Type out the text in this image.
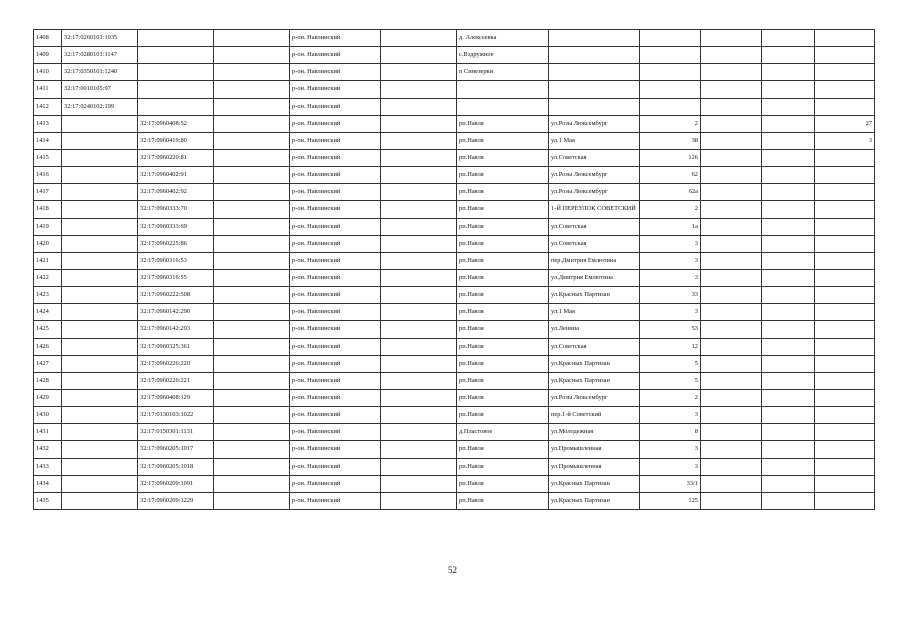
1408	32:17:0260101:1035			р-он. Навлинский		д. Алексеевка					
1409	32:17:0280101:1147			р-он. Навлинский		с.Вздружное					
1410	32:17:0350101:1240			р-он. Навлинский		п Синезерки					
1411	32:17:0010105:97			р-он. Навлинский							
1412	32:17:0240102:199			р-он. Навлинский							
1413		32:17:0960408:52		р-он. Навлинский		рп.Навля	ул.Розы Люксембург	2			27
1414		32:17:0960419:80		р-он. Навлинский		рп.Навля	ул.1 Мая	38			3
1415		32:17:0960220:81		р-он. Навлинский		рп.Навля	ул.Советская	126			
1416		32:17:0960402:91		р-он. Навлинский		рп.Навля	ул.Розы Люксембург	62			
1417		32:17:0960402:92		р-он. Навлинский		рп.Навля	ул.Розы Люксембург	62а			
1418		32:17:0960333:70		р-он. Навлинский		рп.Навля	1-Й ПЕРЕУЛОК СОВЕТСКИЙ	2			
1419		32:17:0960333:69		р-он. Навлинский		рп.Навля	ул.Советская	1а			
1420		32:17:0960225:86		р-он. Навлинский		рп.Навля	ул.Советская	3			
1421		32:17:0960316:53		р-он. Навлинский		рп.Навля	пер.Дмитрия Емлютина	3			
1422		32:17:0960316:55		р-он. Навлинский		рп.Навля	ул.Дмитрия Емлютина	3			
1423		32:17:0960222:508		р-он. Навлинский		рп.Навля	ул.Красных Партизан	33			
1424		32:17:0960142:290		р-он. Навлинский		рп.Навля	ул.1 Мая	3			
1425		32:17:0960142:293		р-он. Навлинский		рп.Навля	ул.Ленина	53			
1426		32:17:0960325:361		р-он. Навлинский		рп.Навля	ул.Советская	12			
1427		32:17:0960226:220		р-он. Навлинский		рп.Навля	ул.Красных Партизан	5			
1428		32:17:0960226:221		р-он. Навлинский		рп.Навля	ул.Красных Партизан	5			
1429		32:17:0960408:129		р-он. Навлинский		рп.Навля	ул.Розы Люксембург	2			
1430		32:17:0130103:1022		р-он. Навлинский		рп.Навля	пер.1-й Советский	3			
1431		32:17:0150301:1131		р-он. Навлинский		д.Пластовое	ул.Молодежная	8			
1432		32:17:0960205:1017		р-он. Навлинский		рп.Навля	ул.Промышленная	3			
1433		32:17:0960205:1018		р-он. Навлинский		рп.Навля	ул.Промышленная	3			
1434		32:17:0960209:1091		р-он. Навлинский		рп.Навля	ул.Красных Партизан	33/1			
1435		32:17:0960209:1229		р-он. Навлинский		рп.Навля	ул.Красных Партизан	125			
52
